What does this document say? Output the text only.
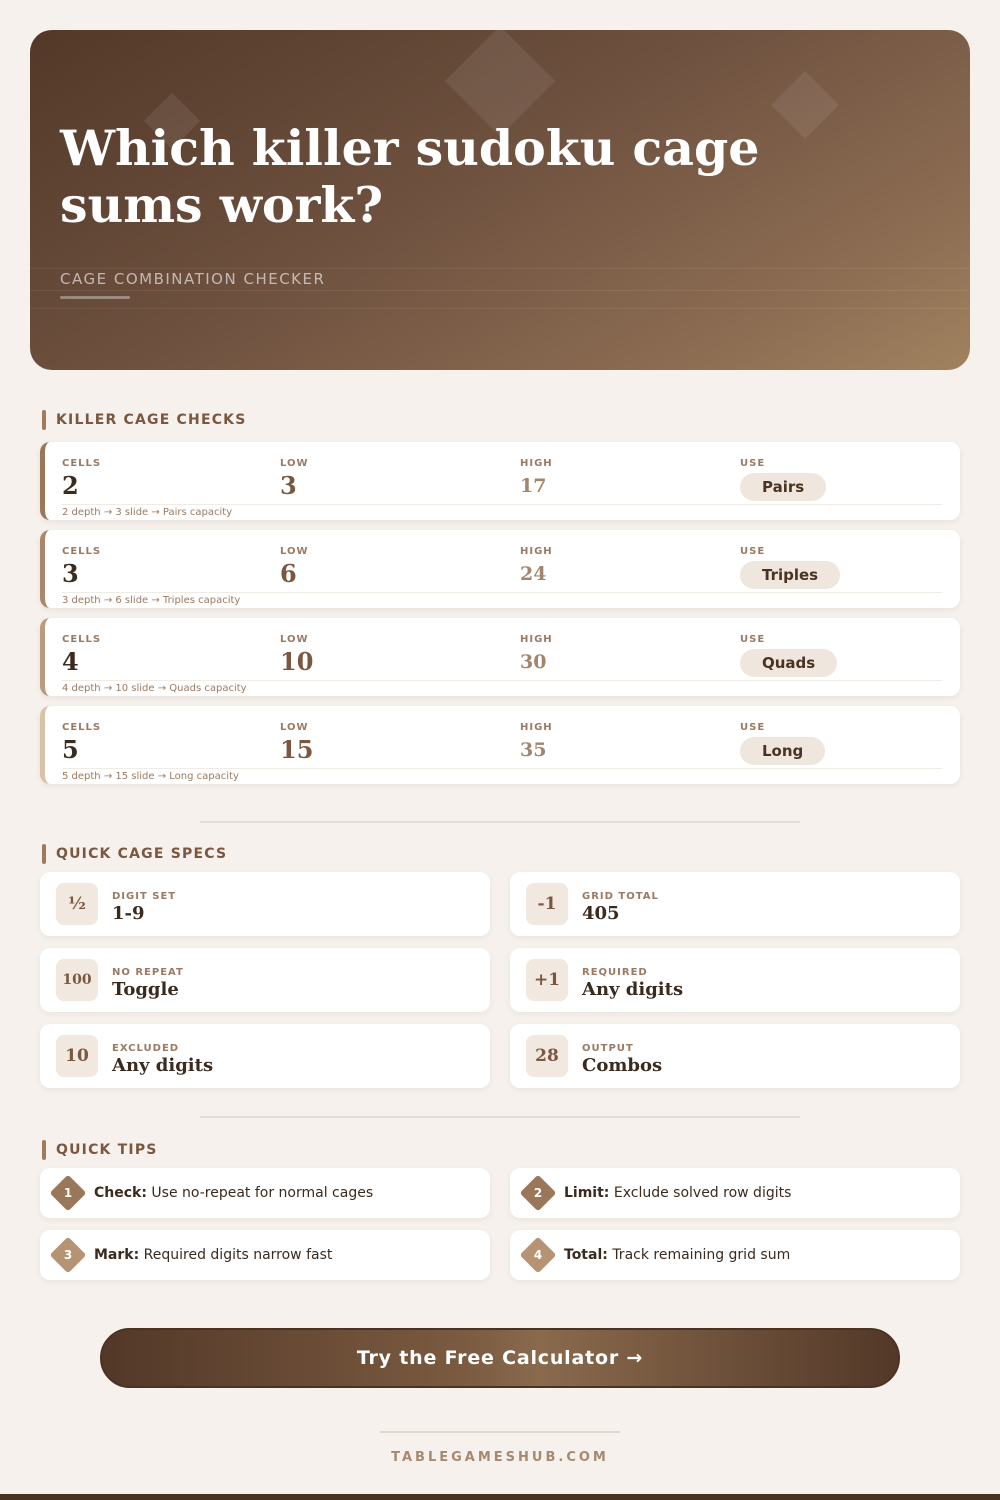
Which killer sudoku cage sums work?
CAGE COMBINATION CHECKER
KILLER CAGE CHECKS
CELLS
2
LOW
3
HIGH
17
USE
Pairs
2 depth → 3 slide → Pairs capacity
CELLS
3
LOW
6
HIGH
24
USE
Triples
3 depth → 6 slide → Triples capacity
CELLS
4
LOW
10
HIGH
30
USE
Quads
4 depth → 10 slide → Quads capacity
CELLS
5
LOW
15
HIGH
35
USE
Long
5 depth → 15 slide → Long capacity
QUICK CAGE SPECS
½	DIGIT SET
1-9	-1	GRID TOTAL
405
100	NO REPEAT
Toggle	+1	REQUIRED
Any digits
10	EXCLUDED
Any digits	28	OUTPUT
Combos
QUICK TIPS
1	Check: Use no-repeat for normal cages	2	Limit: Exclude solved row digits
3	Mark: Required digits narrow fast	4	Total: Track remaining grid sum
Try the Free Calculator →
TABLEGAMESHUB.COM
